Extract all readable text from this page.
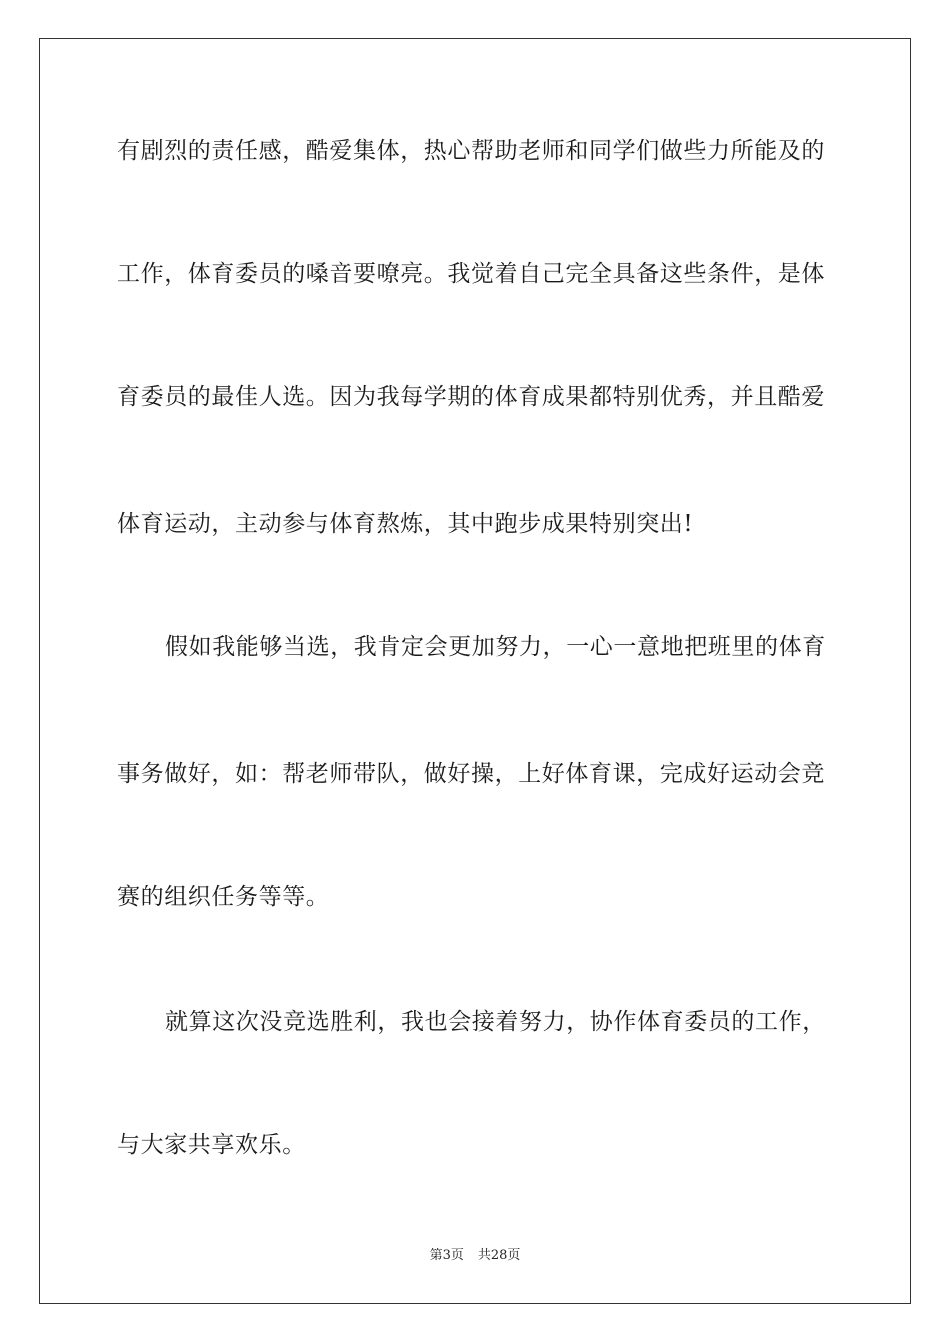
有剧烈的责任感，酷爱集体，热心帮助老师和同学们做些力所能及的
工作，体育委员的嗓音要嘹亮。我觉着自己完全具备这些条件，是体
育委员的最佳人选。因为我每学期的体育成果都特别优秀，并且酷爱
体育运动，主动参与体育熬炼，其中跑步成果特别突出!
假如我能够当选，我肯定会更加努力，一心一意地把班里的体育
事务做好，如：帮老师带队，做好操，上好体育课，完成好运动会竞
赛的组织任务等等。
就算这次没竞选胜利，我也会接着努力，协作体育委员的工作，
与大家共享欢乐。
第3页 共28页
